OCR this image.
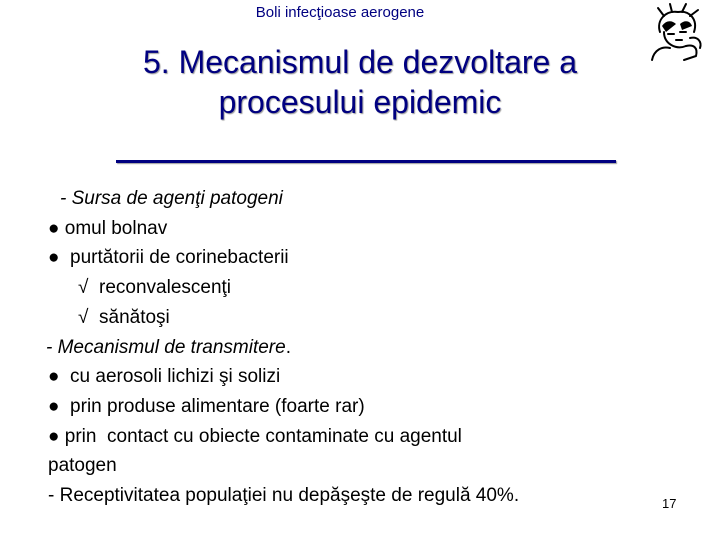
Boli infecţioase aerogene
5. Mecanismul de dezvoltare a
procesului epidemic
- Sursa de agenţi patogeni
● omul bolnav
● purtătorii de corinebacterii
√ reconvalescenţi
√ sănătoşi
- Mecanismul de transmitere.
● cu aerosoli lichizi şi solizi
● prin produse alimentare (foarte rar)
● prin  contact cu obiecte contaminate cu agentul
patogen
- Receptivitatea populaţiei nu depăşeşte de regulă 40%.	17
